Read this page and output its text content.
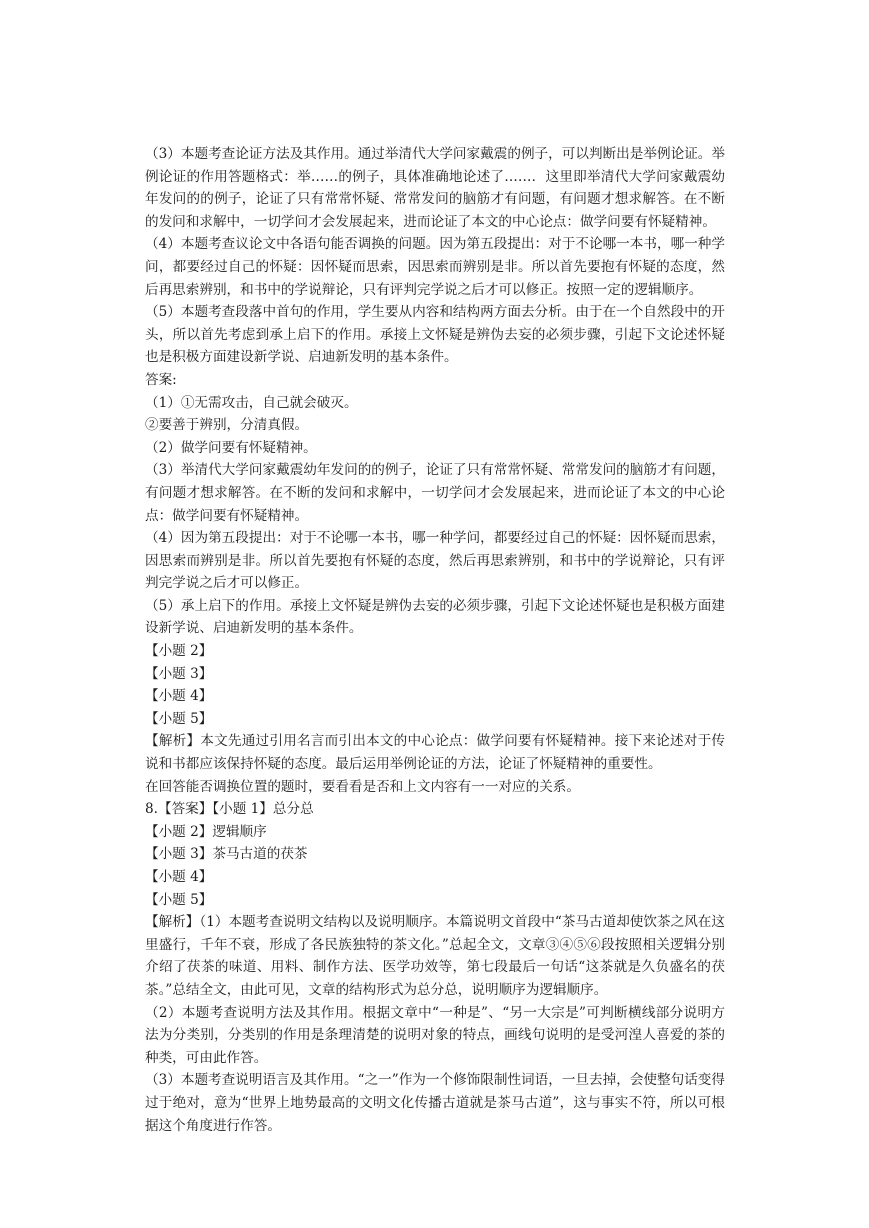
（3）本题考查论证方法及其作用。通过举清代大学问家戴震的例子，可以判断出是举例论证。举例论证的作用答题格式：举……的例子，具体准确地论述了……．这里即举清代大学问家戴震幼年发问的的例子，论证了只有常常怀疑、常常发问的脑筋才有问题，有问题才想求解答。在不断的发问和求解中，一切学问才会发展起来，进而论证了本文的中心论点：做学问要有怀疑精神。

（4）本题考查议论文中各语句能否调换的问题。因为第五段提出：对于不论哪一本书，哪一种学问，都要经过自己的怀疑：因怀疑而思索，因思索而辨别是非。所以首先要抱有怀疑的态度，然后再思索辨别，和书中的学说辩论，只有评判完学说之后才可以修正。按照一定的逻辑顺序。

（5）本题考查段落中首句的作用，学生要从内容和结构两方面去分析。由于在一个自然段中的开头，所以首先考虑到承上启下的作用。承接上文怀疑是辨伪去妄的必须步骤，引起下文论述怀疑也是积极方面建设新学说、启迪新发明的基本条件。

答案:

（1）①无需攻击，自己就会破灭。

②要善于辨别，分清真假。

（2）做学问要有怀疑精神。

（3）举清代大学问家戴震幼年发问的的例子，论证了只有常常怀疑、常常发问的脑筋才有问题，有问题才想求解答。在不断的发问和求解中，一切学问才会发展起来，进而论证了本文的中心论点：做学问要有怀疑精神。

（4）因为第五段提出：对于不论哪一本书，哪一种学问，都要经过自己的怀疑：因怀疑而思索，因思索而辨别是非。所以首先要抱有怀疑的态度，然后再思索辨别，和书中的学说辩论，只有评判完学说之后才可以修正。

（5）承上启下的作用。承接上文怀疑是辨伪去妄的必须步骤，引起下文论述怀疑也是积极方面建设新学说、启迪新发明的基本条件。

【小题 2】

【小题 3】

【小题 4】

【小题 5】

【解析】本文先通过引用名言而引出本文的中心论点：做学问要有怀疑精神。接下来论述对于传说和书都应该保持怀疑的态度。最后运用举例论证的方法，论证了怀疑精神的重要性。

在回答能否调换位置的题时，要看看是否和上文内容有一一对应的关系。

8.【答案】【小题 1】总分总

【小题 2】逻辑顺序

【小题 3】茶马古道的茯茶

【小题 4】

【小题 5】

【解析】（1）本题考查说明文结构以及说明顺序。本篇说明文首段中“茶马古道却使饮茶之风在这里盛行，千年不衰，形成了各民族独特的茶文化。”总起全文，文章③④⑤⑥段按照相关逻辑分别介绍了茯茶的味道、用料、制作方法、医学功效等，第七段最后一句话“这茶就是久负盛名的茯茶。”总结全文，由此可见，文章的结构形式为总分总，说明顺序为逻辑顺序。

（2）本题考查说明方法及其作用。根据文章中“一种是”、“另一大宗是”可判断横线部分说明方法为分类别，分类别的作用是条理清楚的说明对象的特点，画线句说明的是受河湟人喜爱的茶的种类，可由此作答。

（3）本题考查说明语言及其作用。“之一”作为一个修饰限制性词语，一旦去掉，会使整句话变得过于绝对，意为“世界上地势最高的文明文化传播古道就是茶马古道”，这与事实不符，所以可根据这个角度进行作答。
